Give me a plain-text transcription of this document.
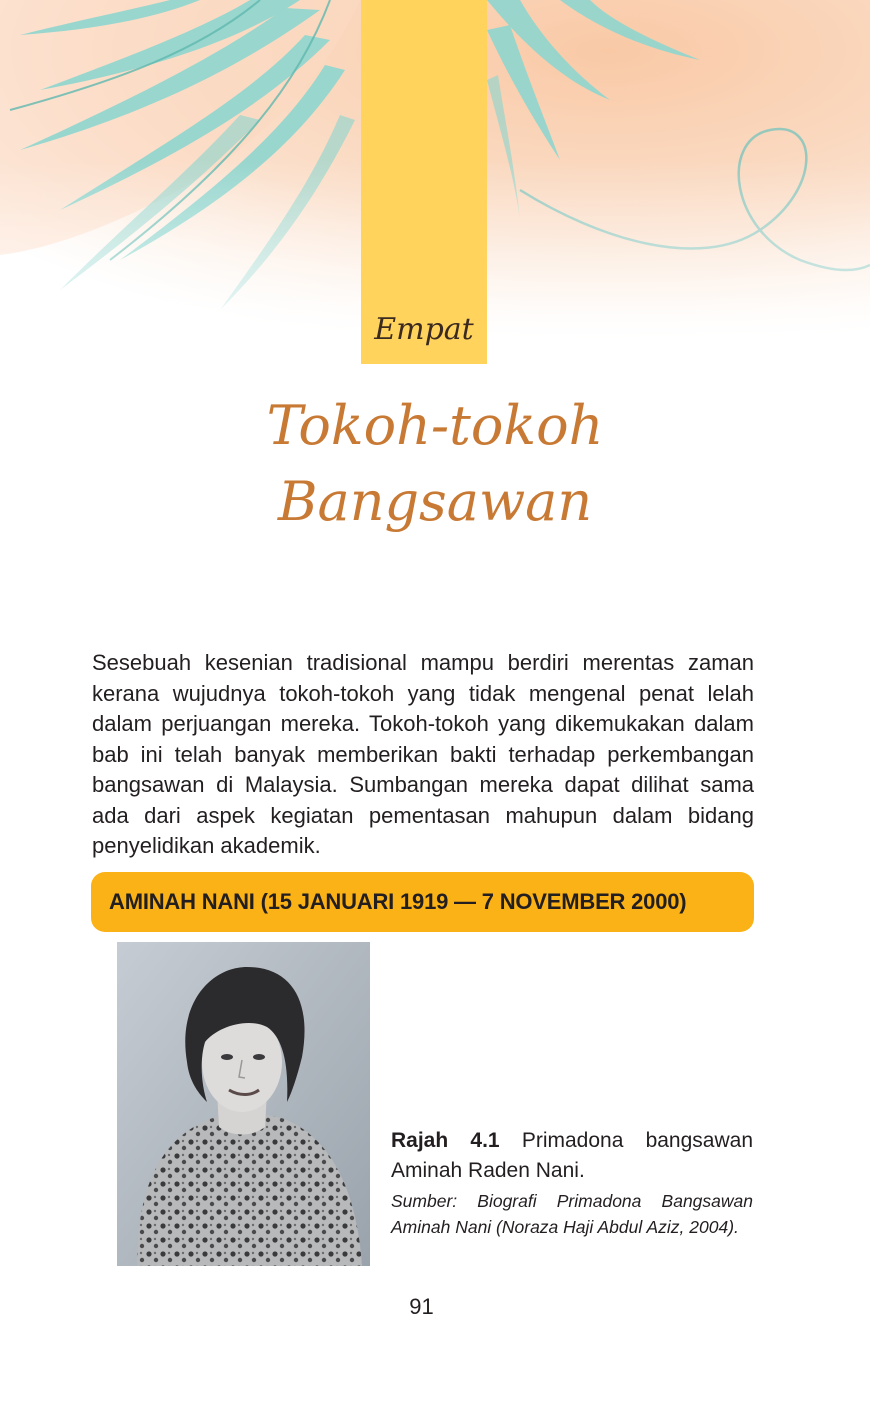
Empat
Tokoh-tokoh
Bangsawan

Sesebuah kesenian tradisional mampu berdiri merentas zaman kerana wujudnya tokoh-tokoh yang tidak mengenal penat lelah dalam perjuangan mereka. Tokoh-tokoh yang dikemukakan dalam bab ini telah banyak memberikan bakti terhadap perkembangan bangsawan di Malaysia. Sumbangan mereka dapat dilihat sama ada dari aspek kegiatan pementasan mahupun dalam bidang penyelidikan akademik.

AMINAH NANI (15 JANUARI 1919 — 7 NOVEMBER 2000)

Rajah 4.1 Primadona bangsawan Aminah Raden Nani.

Sumber: Biografi Primadona Bangsawan Aminah Nani (Noraza Haji Abdul Aziz, 2004).

91
